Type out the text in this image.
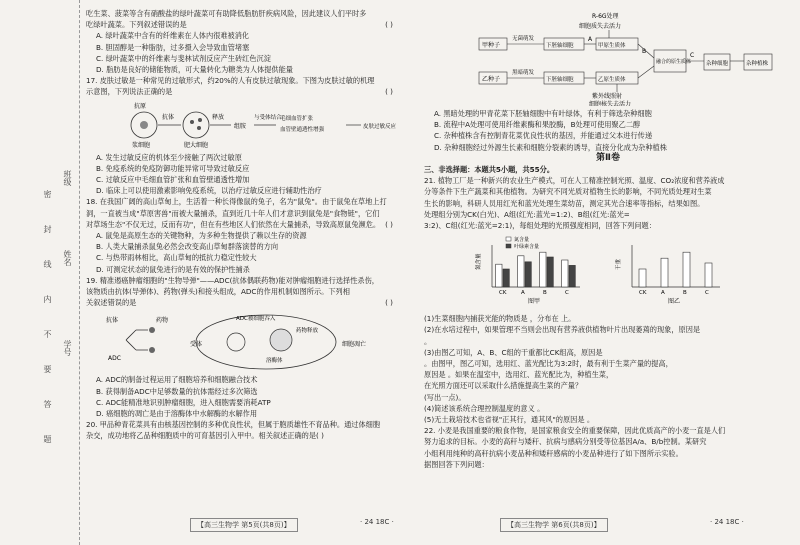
班级
姓名
学号
密
封
线
内
不
要
答
题
吃生菜、菠菜等含有硝酸盐的绿叶蔬菜可有助降低脂肪肝疾病风险，因此建议人们平时多
吃绿叶蔬菜。下列叙述错误的是	( )
A. 绿叶蔬菜中含有的纤维素在人体内很难被消化
B. 胆固醇是一种脂肪，过多摄入会导致血管堵塞
C. 绿叶蔬菜中的纤维素与斐林试剂反应产生砖红色沉淀
D. 脂肪是良好的储能物质，可大量转化为糖类为人体提供能量
17. 皮肤过敏是一种常见的过敏形式，约20%的人有皮肤过敏现象。下图为皮肤过敏的机理
示意图，下列说法正确的是	( )
抗原
浆细胞
抗体
肥大细胞
释放
组胺
与受体结合
毛细血管扩张
血管壁通透性增强	皮肤过敏反应
A. 发生过敏反应的机体至少接触了两次过敏原
B. 免疫系统的免疫防御功能异常可导致过敏反应
C. 过敏反应中毛细血管扩张和血管壁通透性增加
D. 临床上可以使用激素影响免疫系统，以治疗过敏反应进行辅助性治疗
18. 在我国广阔的高山草甸上，生活着一种长得像鼠的兔子，名为"鼠兔"。由于鼠兔在草地上打
洞，一直被当成"草原害兽"而被大量捕杀，直到近几十年人们才意识到鼠兔是"食物链"，它们
对草场生态"不仅无过，反而有功"，但在有些地区人们依然在大量捕杀，导致高原鼠兔濒危。 ( )
A. 鼠兔是高原生态的关键物种，为多种生物提供了赖以生存的资源
B. 人类大量捕杀鼠兔必然会改变高山草甸群落演替的方向
C. 与热带雨林相比，高山草甸的抵抗力稳定性较大
D. 可测定状态的鼠兔进行的是有效的保护性捕杀
19. 精准遏癌肿瘤细胞的"生物导弹"——ADC(抗体偶联药物)能对肿瘤细胞进行选择性杀伤，
该物质由抗体(导弹体)、药物(弹头)和接头组成，ADC的作用机制如图所示。下列相
关叙述错误的是	( )
抗体	药物
ADC
受体
溶酶体
ADC被细胞吞入
药物释放
细胞凋亡
A. ADC的制备过程运用了细胞培养和细胞融合技术
B. 获得制备ADC中足够数量的抗体需经过多次筛选
C. ADC能精准地识别肿瘤细胞，进入细胞需要消耗ATP
D. 癌细胞的凋亡是由于溶酶体中水解酶的水解作用
20. 甲品种青花菜具有由核基因控制的多种优良性状，但属于胞质雄性不育品种。通过体细胞
杂交，成功地将乙品种细胞质中的可育基因引入甲中。相关叙述正确的是( )
【高三生物学 第5页(共8页)】	· 24 18C ·
R-6G处理
细胞质失去活力
甲种子
无菌萌发
下胚轴细胞
A
甲原生质体
B
融合的原生质体
C
杂种细胞	杂种植株
乙种子
黑暗萌发
下胚轴细胞	乙原生质体
紫外线照射
细胞核失去活力
A. 黑暗处理的甲青花菜下胚轴细胞中有叶绿体，有利于筛选杂种细胞
B. 流程中A处理可使用纤维素酶和果胶酶，B处理可使用聚乙二醇
C. 杂种植株含有控制青花菜优良性状的基因，并能通过父本进行传递
D. 杂种细胞经过外源生长素和细胞分裂素的诱导，直接分化成为杂种植株
第Ⅱ卷
三、非选择题：本题共5小题，共55分。
21. 植物工厂是一种新兴的农业生产模式，可在人工精准控制光照、温度、CO₂浓度和营养液成
分等条件下生产蔬菜和其他植物。为研究不同光质对植物生长的影响，不同光质处理对生菜
生长的影响，科研人员用红光和蓝光处理生菜幼苗，测定其光合速率等指标，结果如图。
处理组分别为CK(白光)、A组(红光:蓝光=1:2)、B组(红光:蓝光=
3:2)、C组(红光:蓝光=2:1)，每组处理的光照强度相同，回答下列问题：
氮含量
CK	A	B	C
图甲
氮含量
叶绿素含量
干重
CK	A	B	C
图乙
(1)生菜细胞内捕获光能的物质是 ，分布在 上。
(2)在水培过程中，如果管理不当则会出现有营养液供植物叶片出现萎蔫的现象，原因是
。
(3)由图乙可知，A、B、C组的干重都比CK组高，原因是
。由图甲，图乙可知，选用红、蓝光配比为3:2时，最有利于生菜产量的提高，
原因是 。如果在温室中，选用红、蓝光配比为，种植生菜，
在光照方面还可以采取什么措施提高生菜的产量？
(写出一点)。
(4)简述该系统合理控制温度的意义 。
(5)无土栽培技术也省视"正其行，通其风"的原因是 。
22. 小麦是我国重要的粮食作物，是国家粮食安全的重要保障，因此优质高产的小麦一直是人们
努力追求的目标。小麦的高秆与矮秆、抗病与感病分别受等位基因A/a、B/b控制。某研究
小组利用纯种的高秆抗病小麦品种和矮秆感病的小麦品种进行了如下图所示实验。
据图回答下列问题：
【高三生物学 第6页(共8页)】	· 24 18C ·
